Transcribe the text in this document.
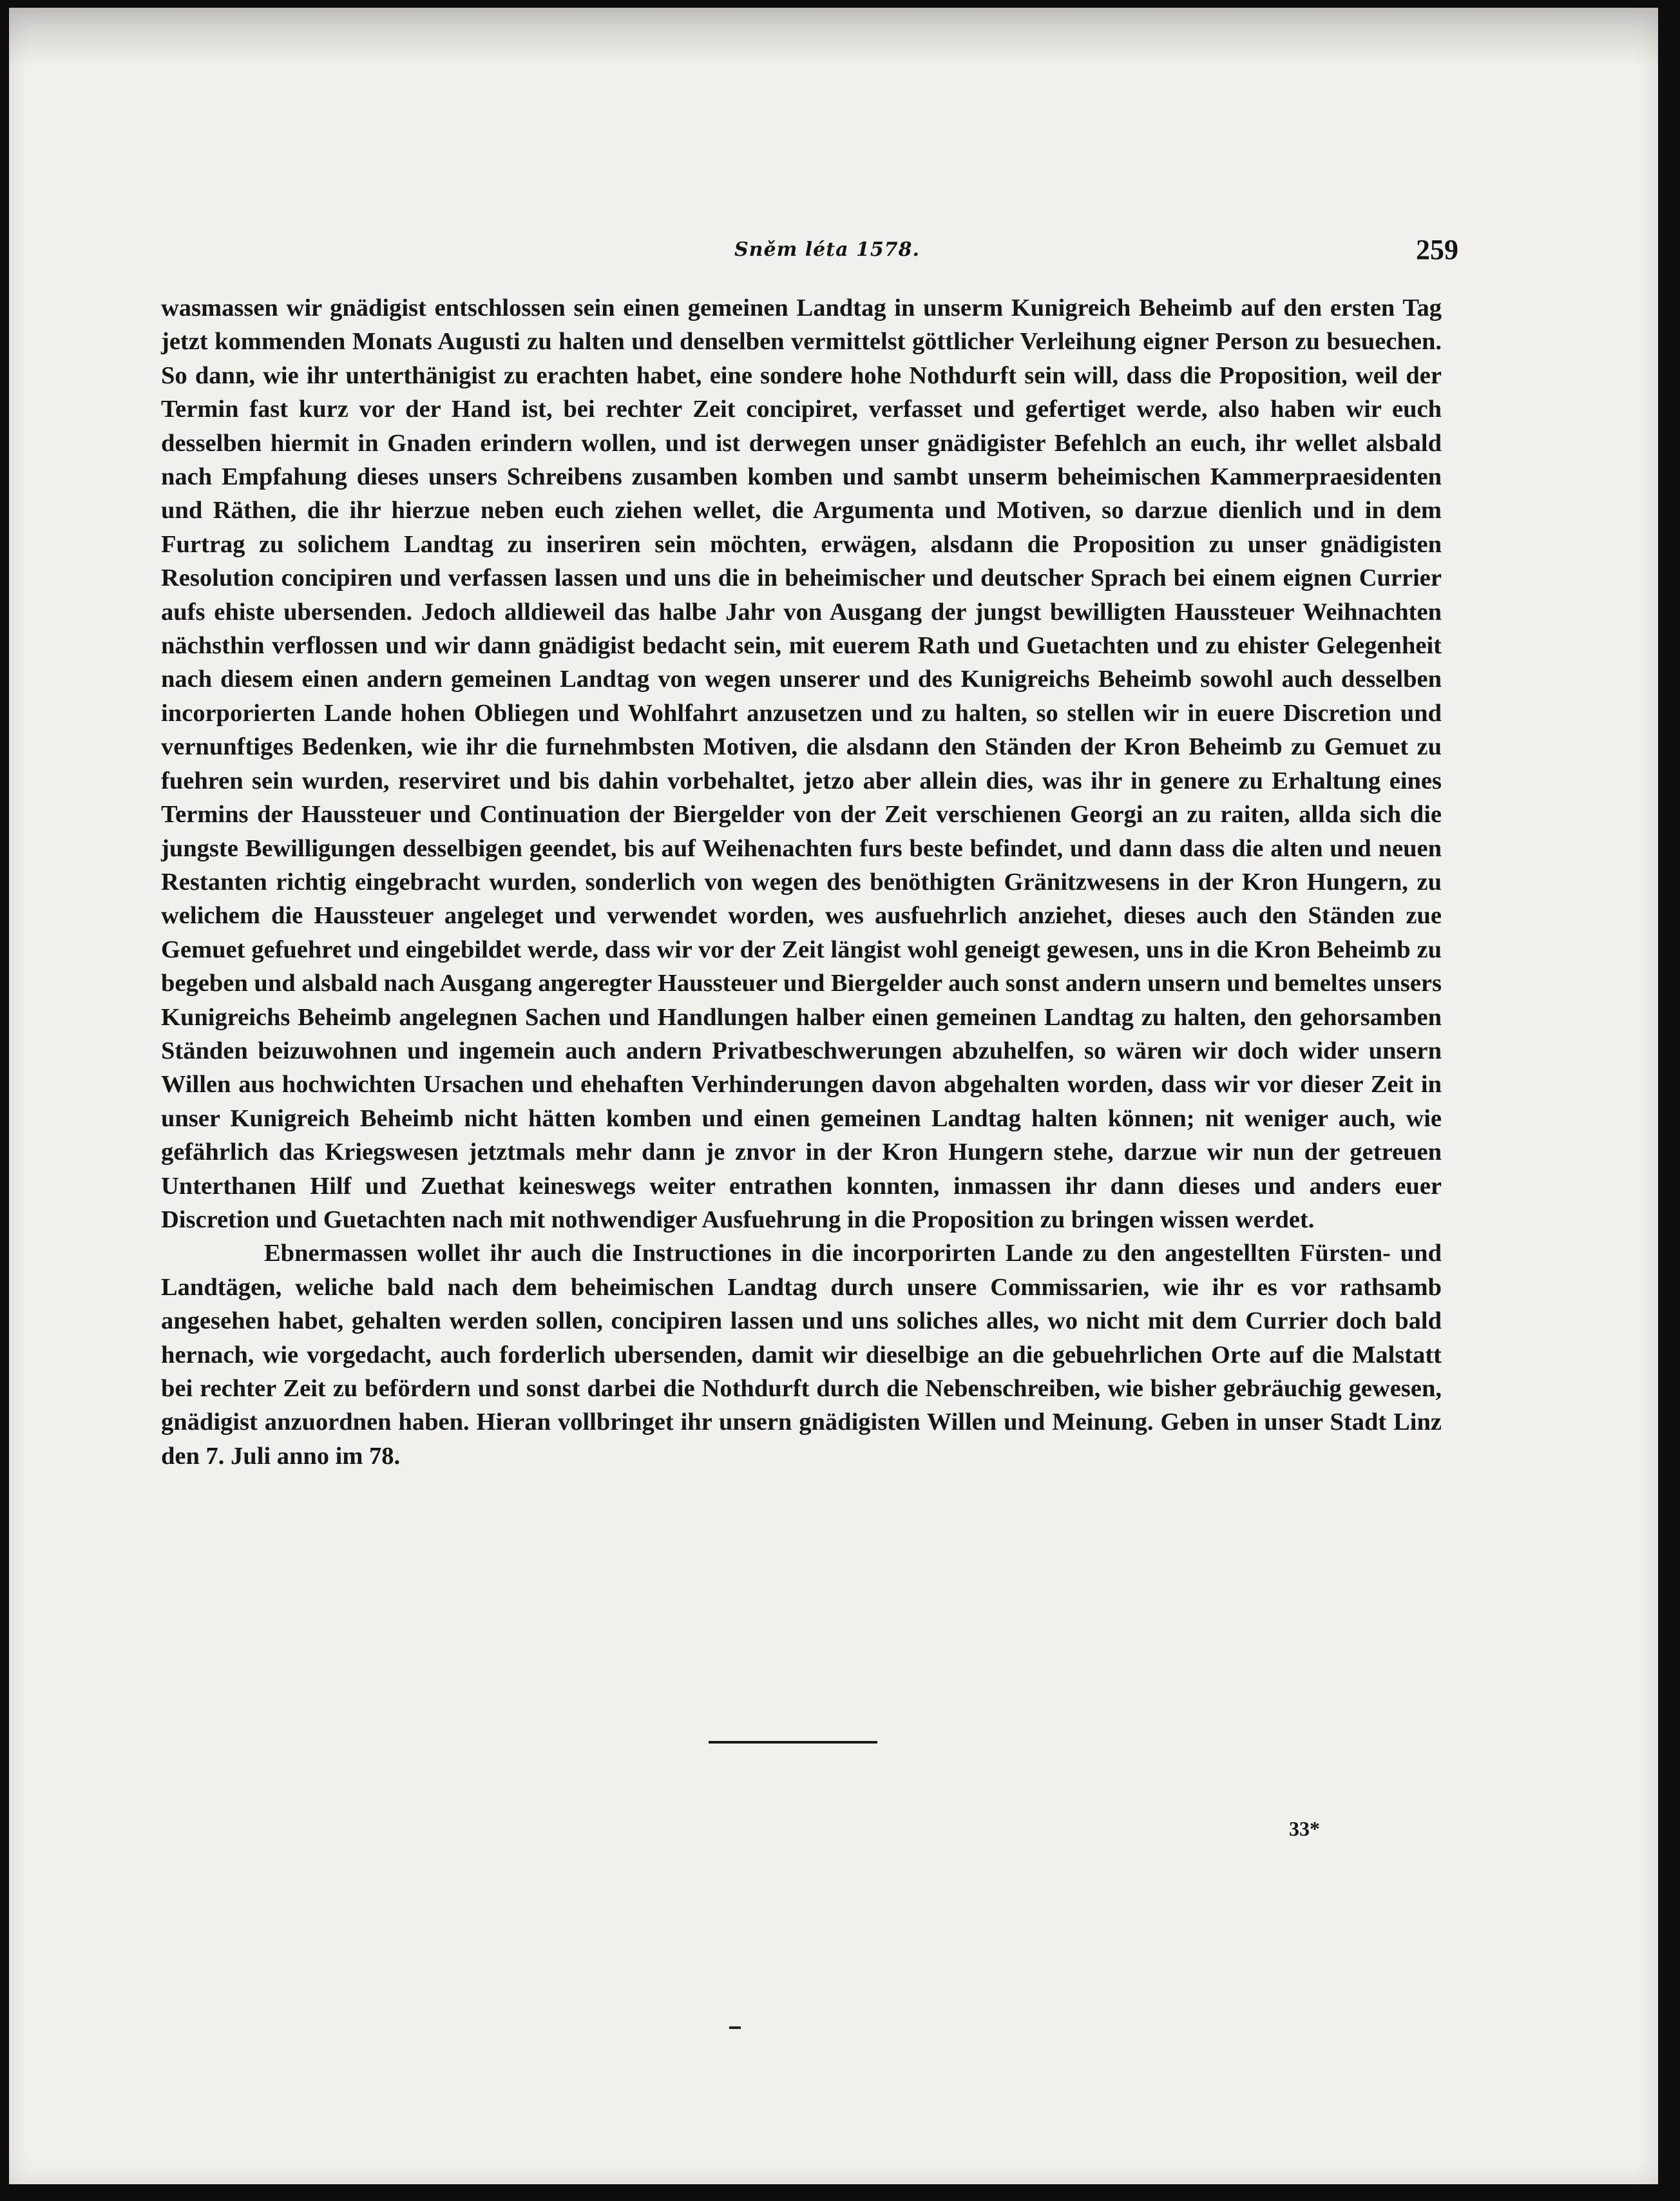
Sněm léta 1578.	259

wasmassen wir gnädigist entschlossen sein einen gemeinen Landtag in unserm Kunigreich Beheimb auf den ersten Tag jetzt kommenden Monats Augusti zu halten und denselben vermittelst göttlicher Verleihung eigner Person zu besuechen. So dann, wie ihr unterthänigist zu erachten habet, eine sondere hohe Nothdurft sein will, dass die Proposition, weil der Termin fast kurz vor der Hand ist, bei rechter Zeit concipiret, verfasset und gefertiget werde, also haben wir euch desselben hiermit in Gnaden erindern wollen, und ist derwegen unser gnädigister Befehlch an euch, ihr wellet alsbald nach Empfahung dieses unsers Schreibens zusamben komben und sambt unserm beheimischen Kammerpraesidenten und Räthen, die ihr hierzue neben euch ziehen wellet, die Argumenta und Motiven, so darzue dienlich und in dem Furtrag zu solichem Landtag zu inseriren sein möchten, erwägen, alsdann die Proposition zu unser gnädigisten Resolution concipiren und verfassen lassen und uns die in beheimischer und deutscher Sprach bei einem eignen Currier aufs ehiste ubersenden. Jedoch alldieweil das halbe Jahr von Ausgang der jungst bewilligten Haussteuer Weihnachten nächsthin verflossen und wir dann gnädigist bedacht sein, mit euerem Rath und Guetachten und zu ehister Gelegenheit nach diesem einen andern gemeinen Landtag von wegen unserer und des Kunigreichs Beheimb sowohl auch desselben incorporierten Lande hohen Obliegen und Wohlfahrt anzusetzen und zu halten, so stellen wir in euere Discretion und vernunftiges Bedenken, wie ihr die furnehmbsten Motiven, die alsdann den Ständen der Kron Beheimb zu Gemuet zu fuehren sein wurden, reserviret und bis dahin vorbehaltet, jetzo aber allein dies, was ihr in genere zu Erhaltung eines Termins der Haussteuer und Continuation der Biergelder von der Zeit verschienen Georgi an zu raiten, allda sich die jungste Bewilligungen desselbigen geendet, bis auf Weihenachten furs beste befindet, und dann dass die alten und neuen Restanten richtig eingebracht wurden, sonderlich von wegen des benöthigten Gränitzwesens in der Kron Hungern, zu welichem die Haussteuer angeleget und verwendet worden, wes ausfuehrlich anziehet, dieses auch den Ständen zue Gemuet gefuehret und eingebildet werde, dass wir vor der Zeit längist wohl geneigt gewesen, uns in die Kron Beheimb zu begeben und alsbald nach Ausgang angeregter Haussteuer und Biergelder auch sonst andern unsern und bemeltes unsers Kunigreichs Beheimb angelegnen Sachen und Handlungen halber einen gemeinen Landtag zu halten, den gehorsamben Ständen beizuwohnen und ingemein auch andern Privatbeschwerungen abzuhelfen, so wären wir doch wider unsern Willen aus hochwichten Ursachen und ehehaften Verhinderungen davon abgehalten worden, dass wir vor dieser Zeit in unser Kunigreich Beheimb nicht hätten komben und einen gemeinen Landtag halten können; nit weniger auch, wie gefährlich das Kriegswesen jetztmals mehr dann je znvor in der Kron Hungern stehe, darzue wir nun der getreuen Unterthanen Hilf und Zuethat keineswegs weiter entrathen konnten, inmassen ihr dann dieses und anders euer Discretion und Guetachten nach mit nothwendiger Ausfuehrung in die Proposition zu bringen wissen werdet.

Ebnermassen wollet ihr auch die Instructiones in die incorporirten Lande zu den angestellten Fürsten- und Landtägen, weliche bald nach dem beheimischen Landtag durch unsere Commissarien, wie ihr es vor rathsamb angesehen habet, gehalten werden sollen, concipiren lassen und uns soliches alles, wo nicht mit dem Currier doch bald hernach, wie vorgedacht, auch forderlich ubersenden, damit wir dieselbige an die gebuehrlichen Orte auf die Malstatt bei rechter Zeit zu befördern und sonst darbei die Nothdurft durch die Nebenschreiben, wie bisher gebräuchig gewesen, gnädigist anzuordnen haben. Hieran vollbringet ihr unsern gnädigisten Willen und Meinung. Geben in unser Stadt Linz den 7. Juli anno im 78.

33*
